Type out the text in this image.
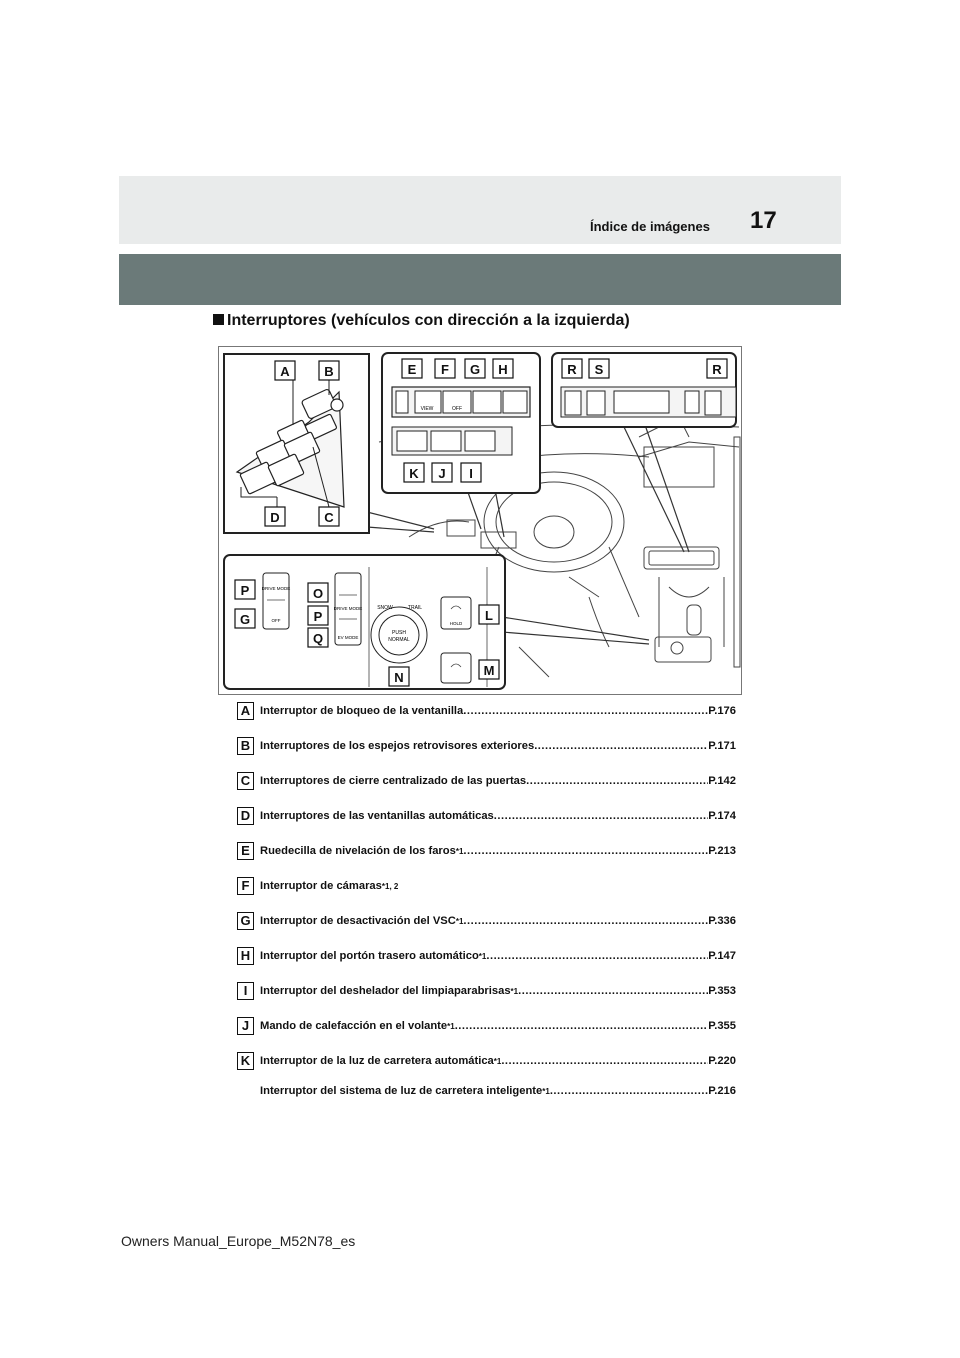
17
Índice de imágenes
Interruptores (vehículos con dirección a la izquierda)
A	B
D	C
VIEW	OFF
E F G H
K J I
R S	R
DRIVE MODE
OFF
DRIVE MODE
EV MODE
SNOW	TRAIL
PUSH
NORMAL
HOLD
P
G
O
P
Q
L
M
N
A Interruptor de bloqueo de la ventanilla .....	P.176
B Interruptores de los espejos retrovisores exteriores .....	P.171
C Interruptores de cierre centralizado de las puertas .....	P.142
D Interruptores de las ventanillas automáticas .....	P.174
E Ruedecilla de nivelación de los faros *1 .....	P.213
F Interruptor de cámaras *1, 2
G Interruptor de desactivación del VSC *1 .....	P.336
H Interruptor del portón trasero automático *1 .....	P.147
I	Interruptor del deshelador del limpiaparabrisas *1 .....	P.353
J Mando de calefacción en el volante *1 .....	P.355
K Interruptor de la luz de carretera automática *1 .....	P.220
Interruptor del sistema de luz de carretera inteligente *1 .....	P.216
Owners Manual_Europe_M52N78_es
